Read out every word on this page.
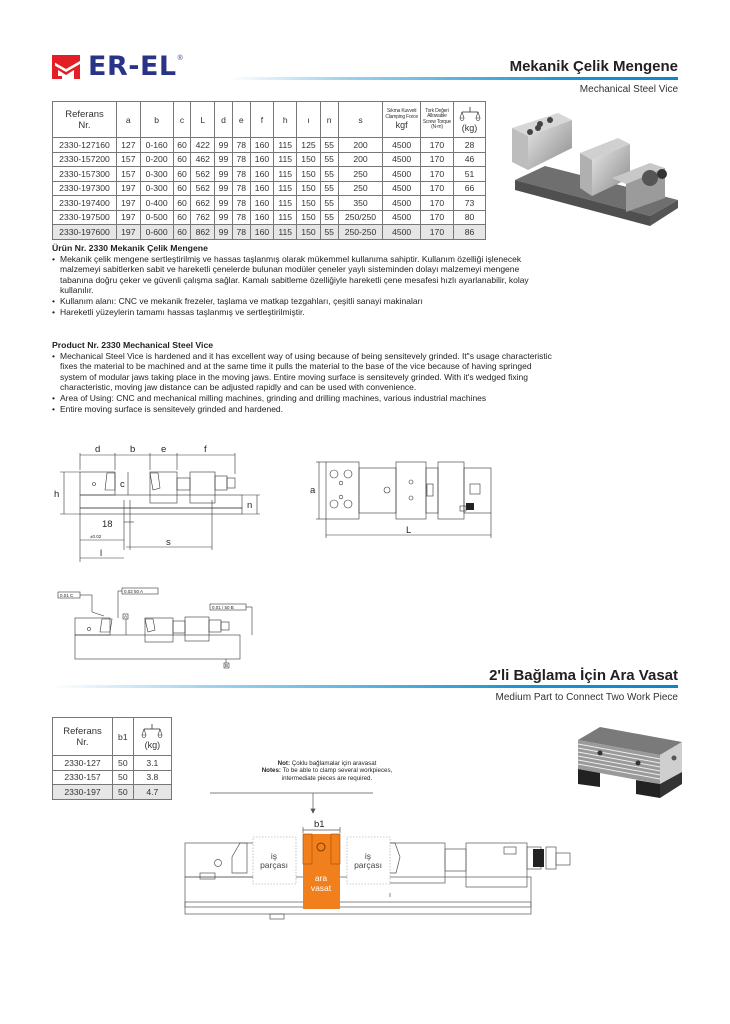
ER-EL ®	Mekanik Çelik Mengene
Mechanical Steel Vice
Referans
Nr.	a	b	c	L	d	e	f	h	ı	n	s	Sıkma Kuvveti
Clamping Force
kgf	Tork Değeri
Allowable
Screw Torque
(N-m)	(kg)

2330-127160	127	0-160	60	422	99	78	160	115	125	55	200	4500	170	28
2330-157200	157	0-200	60	462	99	78	160	115	150	55	200	4500	170	46
2330-157300	157	0-300	60	562	99	78	160	115	150	55	250	4500	170	51
2330-197300	197	0-300	60	562	99	78	160	115	150	55	250	4500	170	66
2330-197400	197	0-400	60	662	99	78	160	115	150	55	350	4500	170	73
2330-197500	197	0-500	60	762	99	78	160	115	150	55	250/250	4500	170	80
2330-197600	197	0-600	60	862	99	78	160	115	150	55	250-250	4500	170	86
Ürün Nr. 2330 Mekanik Çelik Mengene
• Mekanik çelik mengene sertleştirilmiş ve hassas taşlanmış olarak mükemmel kullanıma sahiptir. Kullanım özelliği işlenecek malzemeyi sabitlerken sabit ve hareketli çenelerde bulunan modüler çeneler yaylı sisteminden dolayı malzemeyi mengene tabanına doğru çeker ve güvenli çalışma sağlar. Kamalı sabitleme özelliğiyle hareketli çene mesafesi hızlı ayarlanabilir, kolay kullanılır.
• Kullanım alanı: CNC ve mekanik frezeler, taşlama ve matkap tezgahları, çeşitli sanayi makinaları
• Hareketli yüzeylerin tamamı hassas taşlanmış ve sertleştirilmiştir.
Product Nr. 2330 Mechanical Steel Vice
• Mechanical Steel Vice is hardened and it has excellent way of using because of being sensitevely grinded. It"s usage characteristic fixes the material to be machined and at the same time it pulls the material to the base of the vice because of having springed system of modular jaws taking place in the moving jaws. Entire moving surface is sensitevely grinded. With it's wedged fixing characteristic, moving jaw distance can be adjusted rapidly and can be used with convenience.
• Area of Using: CNC and mechanical milling machines, grinding and drilling machines, various industrial machines
• Entire moving surface is sensitevely grinded and hardened.
d	b	e	f
h
c
n
18
±0.02
s
l
a
L
0.01 C
0.02 50 A
0.01 / 50 B
A
B
2'li Bağlama İçin Ara Vasat
Medium Part to Connect Two Work Piece
Referans
Nr.	b1	(kg)

2330-127	50	3.1
2330-157	50	3.8
2330-197	50	4.7
Not: Çoklu bağlamalar için aravasat
Notes: To be able to clamp several workpieces,
intermediate pieces are required.
b1
iş
parçası
iş
parçası
ara
vasat
